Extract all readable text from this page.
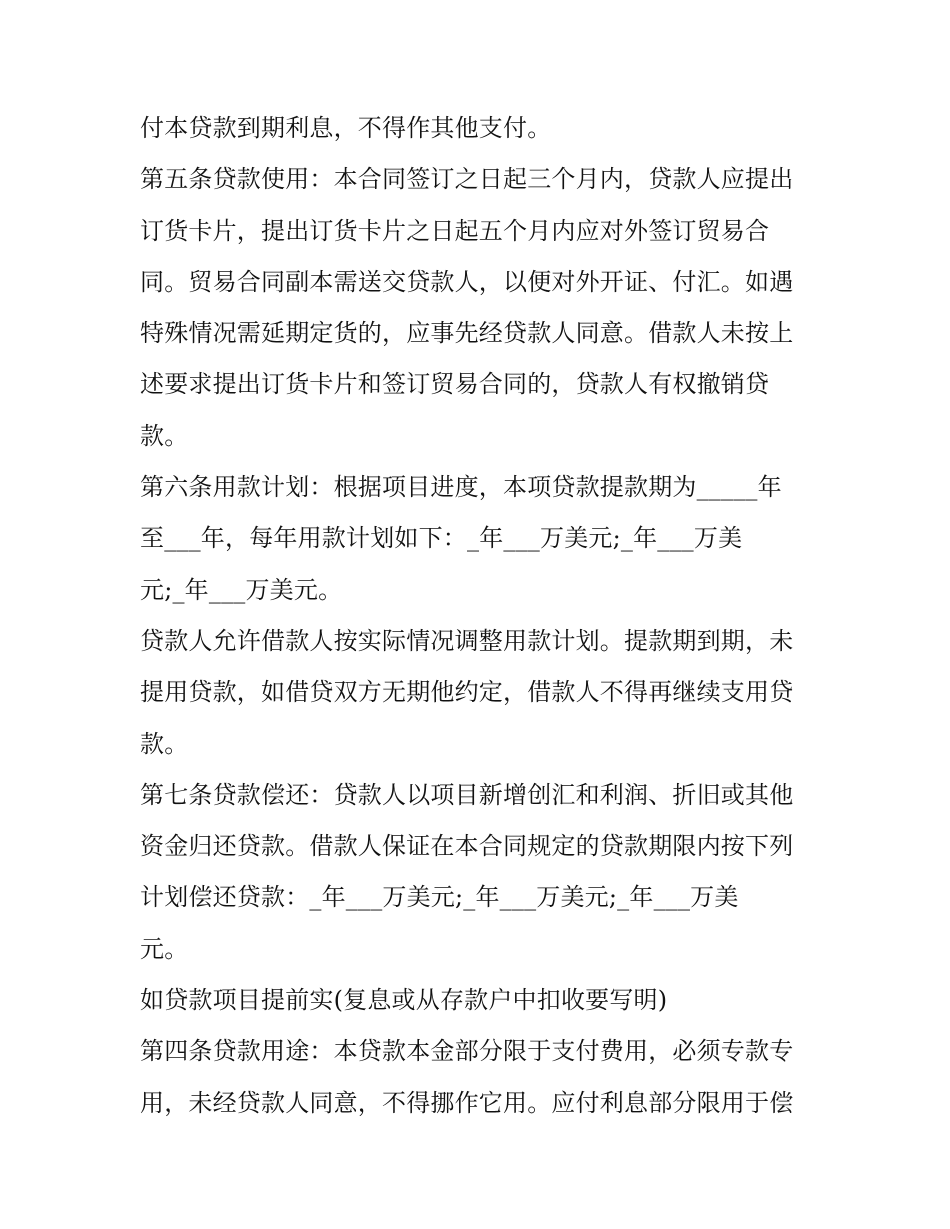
付本贷款到期利息，不得作其他支付。
第五条贷款使用：本合同签订之日起三个月内，贷款人应提出
订货卡片，提出订货卡片之日起五个月内应对外签订贸易合
同。贸易合同副本需送交贷款人，以便对外开证、付汇。如遇
特殊情况需延期定货的，应事先经贷款人同意。借款人未按上
述要求提出订货卡片和签订贸易合同的，贷款人有权撤销贷
款。
第六条用款计划：根据项目进度，本项贷款提款期为_____年
至___年，每年用款计划如下：_年___万美元;_年___万美
元;_年___万美元。
贷款人允许借款人按实际情况调整用款计划。提款期到期，未
提用贷款，如借贷双方无期他约定，借款人不得再继续支用贷
款。
第七条贷款偿还：贷款人以项目新增创汇和利润、折旧或其他
资金归还贷款。借款人保证在本合同规定的贷款期限内按下列
计划偿还贷款：_年___万美元;_年___万美元;_年___万美
元。
如贷款项目提前实(复息或从存款户中扣收要写明)
第四条贷款用途：本贷款本金部分限于支付费用，必须专款专
用，未经贷款人同意，不得挪作它用。应付利息部分限用于偿
